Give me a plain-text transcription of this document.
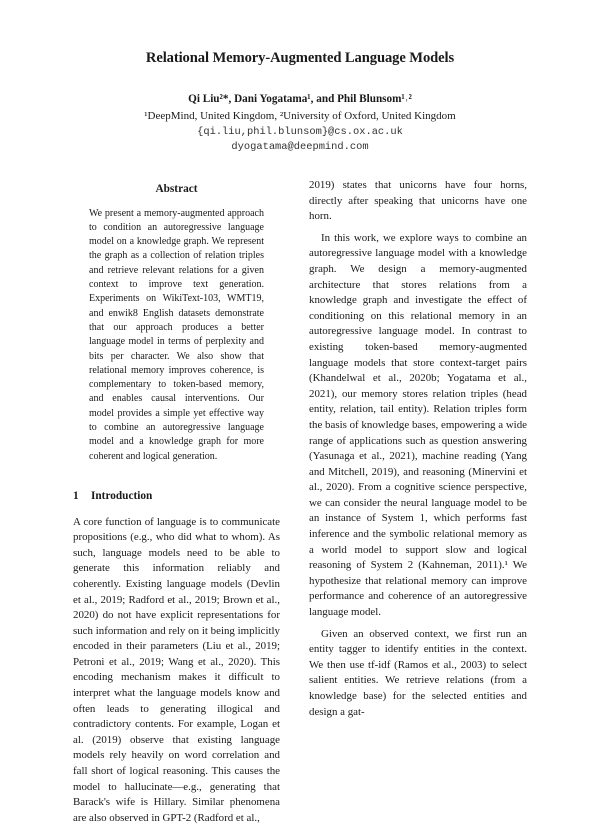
Relational Memory-Augmented Language Models
Qi Liu²*, Dani Yogatama¹, and Phil Blunsom¹˒²
¹DeepMind, United Kingdom, ²University of Oxford, United Kingdom
{qi.liu,phil.blunsom}@cs.ox.ac.uk
dyogatama@deepmind.com
Abstract

We present a memory-augmented approach to condition an autoregressive language model on a knowledge graph. We represent the graph as a collection of relation triples and retrieve relevant relations for a given context to improve text generation. Experiments on WikiText-103, WMT19, and enwik8 English datasets demonstrate that our approach produces a better language model in terms of perplexity and bits per character. We also show that relational memory improves coherence, is complementary to token-based memory, and enables causal interventions. Our model provides a simple yet effective way to combine an autoregressive language model and a knowledge graph for more coherent and logical generation.

1 Introduction

A core function of language is to communicate propositions (e.g., who did what to whom). As such, language models need to be able to generate this information reliably and coherently. Existing language models (Devlin et al., 2019; Radford et al., 2019; Brown et al., 2020) do not have explicit representations for such information and rely on it being implicitly encoded in their parameters (Liu et al., 2019; Petroni et al., 2019; Wang et al., 2020). This encoding mechanism makes it difficult to interpret what the language models know and often leads to generating illogical and contradictory contents. For example, Logan et al. (2019) observe that existing language models rely heavily on word correlation and fall short of logical reasoning. This causes the model to hallucinate—e.g., generating that Barack's wife is Hillary. Similar phenomena are also observed in GPT-2 (Radford et al.,

2019) states that unicorns have four horns, directly after speaking that unicorns have one horn.

In this work, we explore ways to combine an autoregressive language model with a knowledge graph. We design a memory-augmented architecture that stores relations from a knowledge graph and investigate the effect of conditioning on this relational memory in an autoregressive language model. In contrast to existing token-based memory-augmented language models that store context-target pairs (Khandelwal et al., 2020b; Yogatama et al., 2021), our memory stores relation triples (head entity, relation, tail entity). Relation triples form the basis of knowledge bases, empowering a wide range of applications such as question answering (Yasunaga et al., 2021), machine reading (Yang and Mitchell, 2019), and reasoning (Minervini et al., 2020). From a cognitive science perspective, we can consider the neural language model to be an instance of System 1, which performs fast inference and the symbolic relational memory as a world model to support slow and logical reasoning of System 2 (Kahneman, 2011).¹ We hypothesize that relational memory can improve performance and coherence of an autoregressive language model.

Given an observed context, we first run an entity tagger to identify entities in the context. We then use tf-idf (Ramos et al., 2003) to select salient entities. We retrieve relations (from a knowledge base) for the selected entities and design a gat-
